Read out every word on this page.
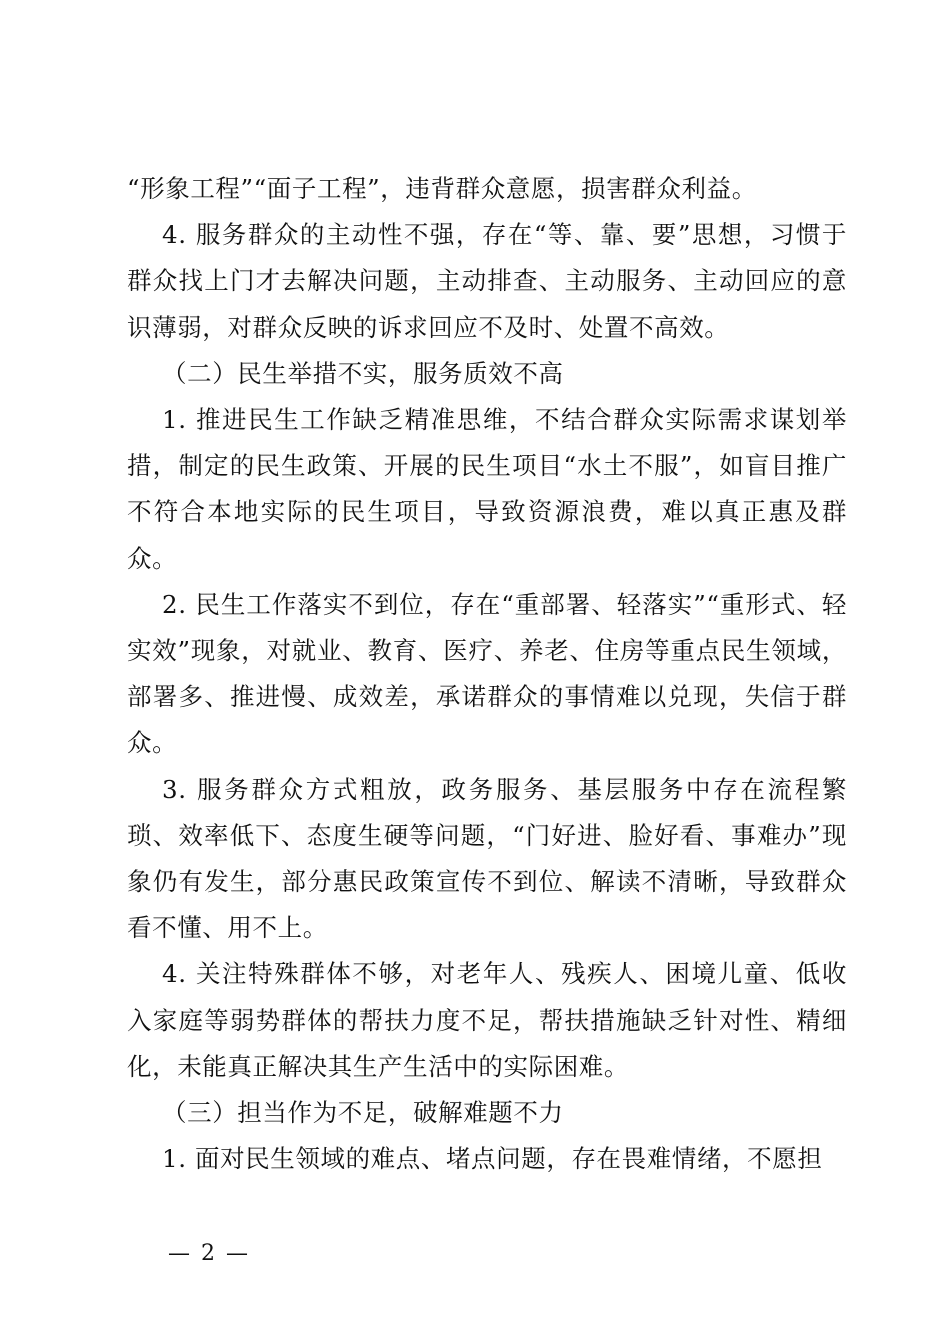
“形象工程”“面子工程”，违背群众意愿，损害群众利益。

4. 服务群众的主动性不强，存在“等、靠、要”思想，习惯于群众找上门才去解决问题，主动排查、主动服务、主动回应的意识薄弱，对群众反映的诉求回应不及时、处置不高效。

（二）民生举措不实，服务质效不高

1. 推进民生工作缺乏精准思维，不结合群众实际需求谋划举措，制定的民生政策、开展的民生项目“水土不服”，如盲目推广不符合本地实际的民生项目，导致资源浪费，难以真正惠及群众。

2. 民生工作落实不到位，存在“重部署、轻落实”“重形式、轻实效”现象，对就业、教育、医疗、养老、住房等重点民生领域，部署多、推进慢、成效差，承诺群众的事情难以兑现，失信于群众。

3. 服务群众方式粗放，政务服务、基层服务中存在流程繁琐、效率低下、态度生硬等问题，“门好进、脸好看、事难办”现象仍有发生，部分惠民政策宣传不到位、解读不清晰，导致群众看不懂、用不上。

4. 关注特殊群体不够，对老年人、残疾人、困境儿童、低收入家庭等弱势群体的帮扶力度不足，帮扶措施缺乏针对性、精细化，未能真正解决其生产生活中的实际困难。

（三）担当作为不足，破解难题不力

1. 面对民生领域的难点、堵点问题，存在畏难情绪，不愿担

— 2 —
